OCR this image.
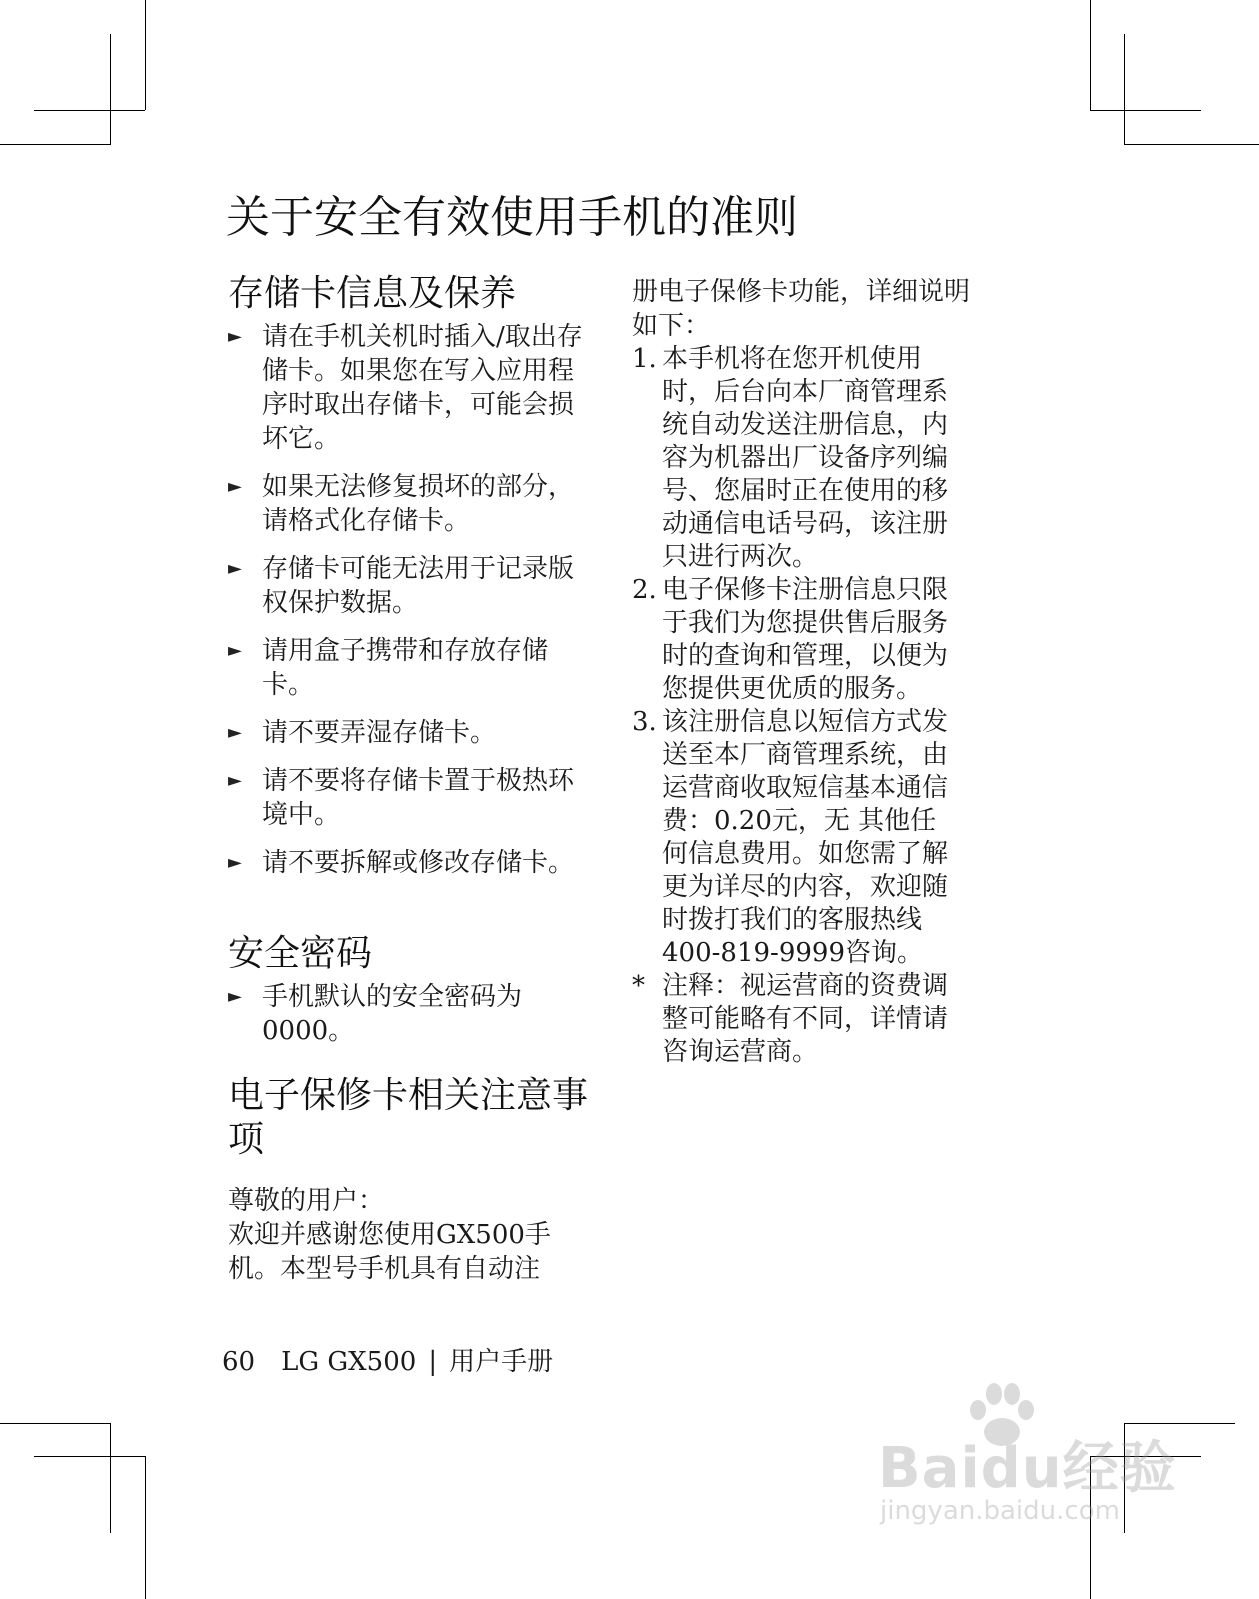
关于安全有效使用手机的准则
存储卡信息及保养
► 请在手机关机时插入/取出存储卡。如果您在写入应用程序时取出存储卡，可能会损坏它。
► 如果无法修复损坏的部分，请格式化存储卡。
► 存储卡可能无法用于记录版权保护数据。
► 请用盒子携带和存放存储卡。
► 请不要弄湿存储卡。
► 请不要将存储卡置于极热环境中。
► 请不要拆解或修改存储卡。
安全密码
► 手机默认的安全密码为0000。
电子保修卡相关注意事项

尊敬的用户：

欢迎并感谢您使用GX500手机。本型号手机具有自动注

册电子保修卡功能，详细说明如下：

1. 本手机将在您开机使用时，后台向本厂商管理系统自动发送注册信息，内容为机器出厂设备序列编号、您届时正在使用的移动通信电话号码，该注册只进行两次。
2. 电子保修卡注册信息只限于我们为您提供售后服务时的查询和管理，以便为您提供更优质的服务。
3. 该注册信息以短信方式发送至本厂商管理系统，由运营商收取短信基本通信费：0.20元，无 其他任何信息费用。如您需了解更为详尽的内容，欢迎随时拨打我们的客服热线400-819-9999咨询。
* 注释：视运营商的资费调整可能略有不同，详情请咨询运营商。
60 LG GX500 | 用户手册
Baidu经验
jingyan.baidu.com
